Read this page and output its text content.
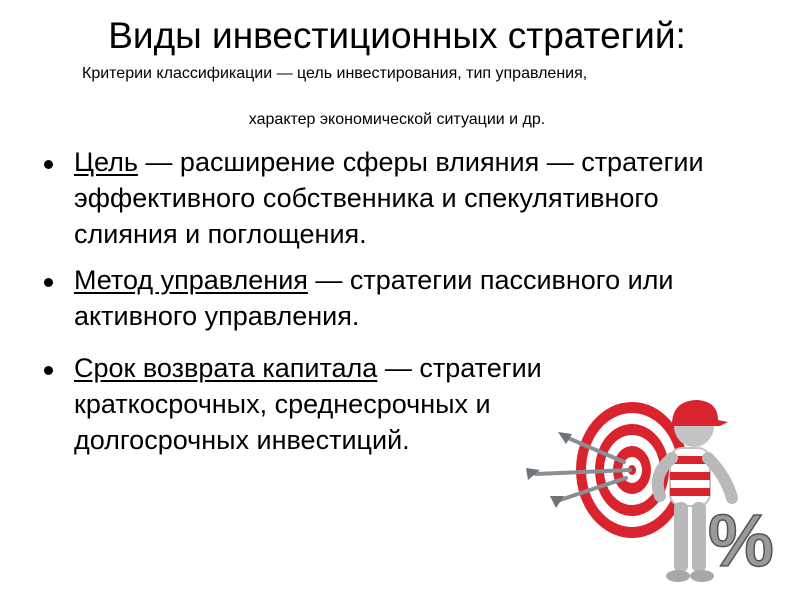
Виды инвестиционных стратегий:
Критерии классификации — цель инвестирования, тип управления,
характер экономической ситуации и др.
Цель — расширение сферы влияния — стратегии эффективного собственника и спекулятивного слияния и поглощения.
Метод управления — стратегии пассивного или активного управления.
Срок возврата капитала — стратегии краткосрочных, среднесрочных и долгосрочных инвестиций.
%
